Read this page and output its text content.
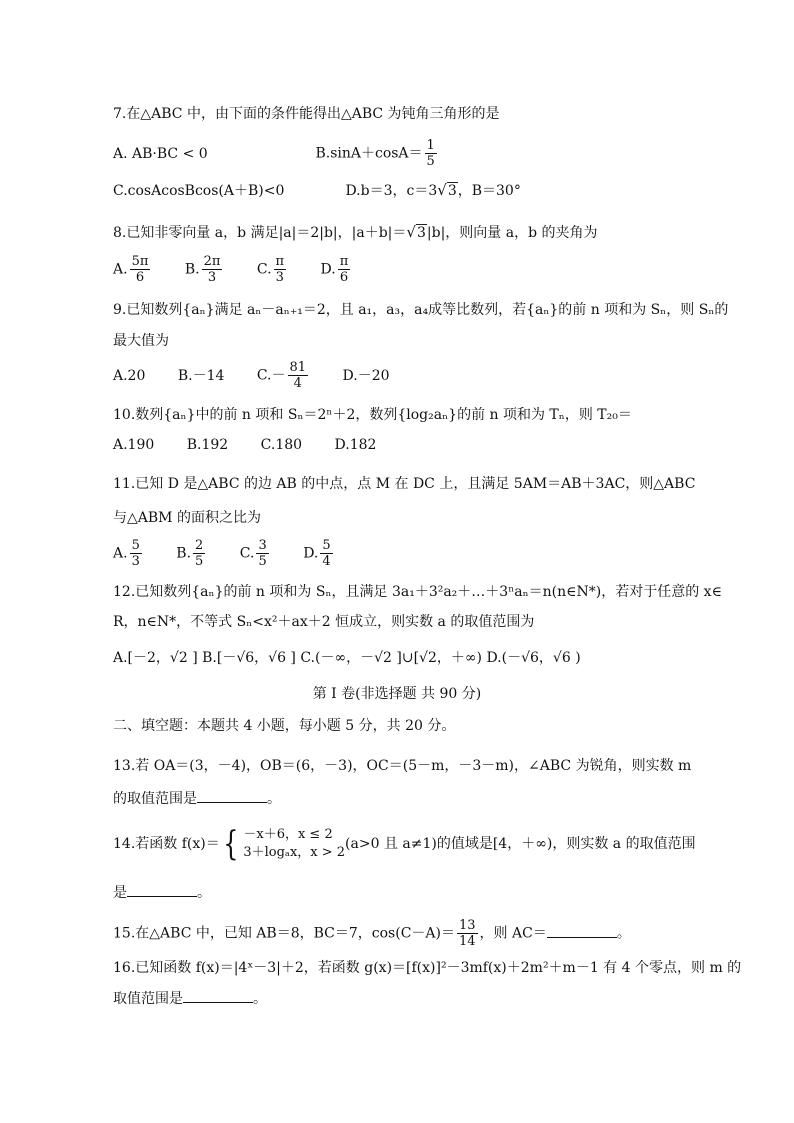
7.在△ABC 中，由下面的条件能得出△ABC 为钝角三角形的是
A. AB·BC < 0	$B.\sin A+\cos A= \frac{1}{5}$
C.cosAcosBcos(A＋B)<0	D.b＝3，c＝3√3，B＝30°
8.已知非零向量 a，b 满足|a|＝2|b|，|a＋b|＝√3|b|，则向量 a，b 的夹角为
A. $\frac{5\pi}{6} B$. $\frac{2\pi}{3} C$. $\frac{\pi}{3} D$. $\frac{\pi}{6}$
9.已知数列{aₙ}满足 aₙ－aₙ₊₁＝2，且 a₁，a₃，a₄成等比数列，若{aₙ}的前 n 项和为 Sₙ，则 Sₙ的
最大值为
A.20 B.－14 $C.- \frac{81}{4} D.-20$
10.数列{aₙ}中的前 n 项和 Sₙ＝2ⁿ＋2，数列{log₂aₙ}的前 n 项和为 Tₙ，则 T₂₀＝
A.190 B.192 C.180 D.182
11.已知 D 是△ABC 的边 AB 的中点，点 M 在 DC 上，且满足 5AM＝AB＋3AC，则△ABC
与△ABM 的面积之比为
A. $\frac{5}{3} B$. $\frac{2}{5} C$. $\frac{3}{5} D$. $\frac{5}{4}$
12.已知数列{aₙ}的前 n 项和为 Sₙ，且满足 3a₁＋3²a₂＋…＋3ⁿaₙ＝n(n∈N*)，若对于任意的 x∈
R，n∈N*，不等式 Sₙ<x²＋ax＋2 恒成立，则实数 a 的取值范围为
A.[－2，√2 ] B.[－√6，√6 ] C.(－∞，－√2 ]∪[√2，＋∞) D.(－√6，√6 )
第 I 卷(非选择题 共 90 分)
二、填空题：本题共 4 小题，每小题 5 分，共 20 分。
13.若 OA＝(3，－4)，OB＝(6，－3)，OC＝(5－m，－3－m)，∠ABC 为锐角，则实数 m
的取值范围是	。
14.若函数 f(x)＝ { －x＋6，x ≤ 2
3＋logₐx，x > 2
(a>0 且 a≠1)的值域是[4，＋∞)，则实数 a 的取值范围
是	。
15.在△ABC 中，已知 AB＝8，BC＝7，$\cos(C-A)= \frac{13}{14}$ ，则 AC＝	。
16.已知函数 f(x)＝|4ˣ－3|＋2，若函数 g(x)＝[f(x)]²－3mf(x)＋2m²＋m－1 有 4 个零点，则 m 的
取值范围是	。
